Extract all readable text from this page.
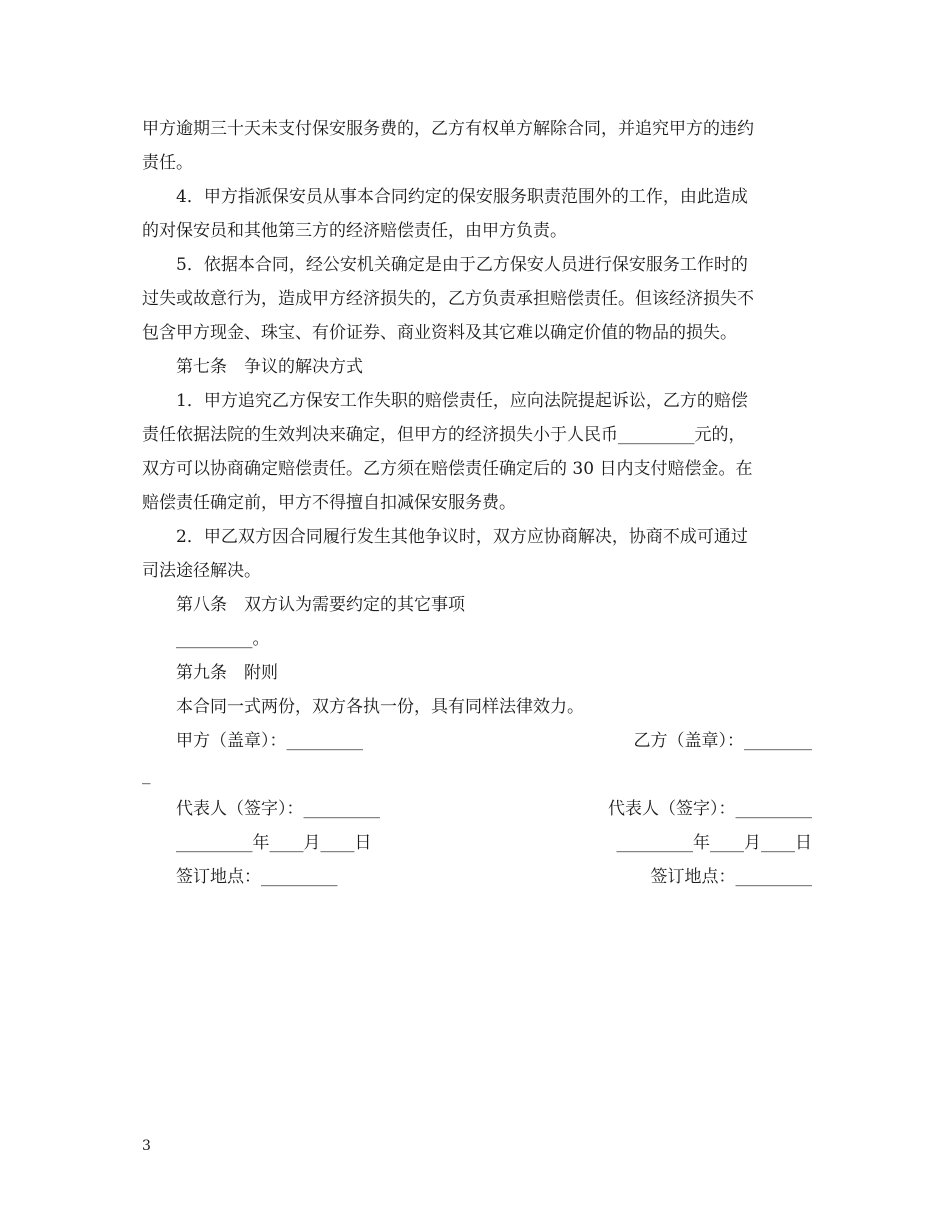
甲方逾期三十天未支付保安服务费的，乙方有权单方解除合同，并追究甲方的违约
责任。
4．甲方指派保安员从事本合同约定的保安服务职责范围外的工作，由此造成
的对保安员和其他第三方的经济赔偿责任，由甲方负责。
5．依据本合同，经公安机关确定是由于乙方保安人员进行保安服务工作时的
过失或故意行为，造成甲方经济损失的，乙方负责承担赔偿责任。但该经济损失不
包含甲方现金、珠宝、有价证券、商业资料及其它难以确定价值的物品的损失。
第七条　争议的解决方式
1．甲方追究乙方保安工作失职的赔偿责任，应向法院提起诉讼，乙方的赔偿
责任依据法院的生效判决来确定，但甲方的经济损失小于人民币_________元的，
双方可以协商确定赔偿责任。乙方须在赔偿责任确定后的 30 日内支付赔偿金。在
赔偿责任确定前，甲方不得擅自扣减保安服务费。
2．甲乙双方因合同履行发生其他争议时，双方应协商解决，协商不成可通过
司法途径解决。
第八条　双方认为需要约定的其它事项
_________。
第九条　附则
本合同一式两份，双方各执一份，具有同样法律效力。
甲方（盖章）：_________	乙方（盖章）：________
_
代表人（签字）：_________	代表人（签字）：_________
_________年____月____日	_________年____月____日
签订地点：_________	签订地点：_________
3
